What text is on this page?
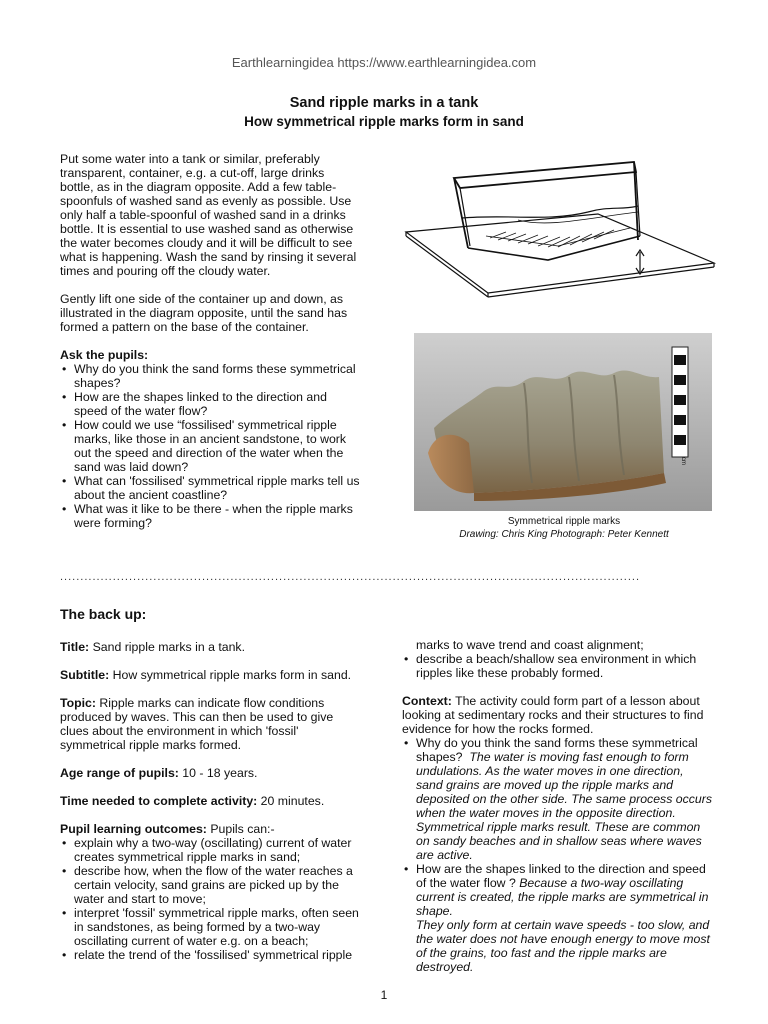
Earthlearningidea https://www.earthlearningidea.com
Sand ripple marks in a tank
How symmetrical ripple marks form in sand

Put some water into a tank or similar, preferably transparent, container, e.g. a cut-off, large drinks bottle, as in the diagram opposite. Add a few table-spoonfuls of washed sand as evenly as possible. Use only half a table-spoonful of washed sand in a drinks bottle. It is essential to use washed sand as otherwise the water becomes cloudy and it will be difficult to see what is happening. Wash the sand by rinsing it several times and pouring off the cloudy water.

Gently lift one side of the container up and down, as illustrated in the diagram opposite, until the sand has formed a pattern on the base of the container.

Ask the pupils:
• Why do you think the sand forms these symmetrical shapes?
• How are the shapes linked to the direction and speed of the water flow?
• How could we use “fossilised' symmetrical ripple marks, like those in an ancient sandstone, to work out the speed and direction of the water when the sand was laid down?
• What can 'fossilised' symmetrical ripple marks tell us about the ancient coastline?
• What was it like to be there - when the ripple marks were forming?
cm
Symmetrical ripple marks
Drawing: Chris King Photograph: Peter Kennett
...............................................................................................................................................
The back up:

Title: Sand ripple marks in a tank.

Subtitle: How symmetrical ripple marks form in sand.

Topic: Ripple marks can indicate flow conditions produced by waves. This can then be used to give clues about the environment in which 'fossil' symmetrical ripple marks formed.

Age range of pupils: 10 - 18 years.

Time needed to complete activity: 20 minutes.

Pupil learning outcomes: Pupils can:-
• explain why a two-way (oscillating) current of water creates symmetrical ripple marks in sand;
• describe how, when the flow of the water reaches a certain velocity, sand grains are picked up by the water and start to move;
• interpret 'fossil' symmetrical ripple marks, often seen in sandstones, as being formed by a two-way oscillating current of water e.g. on a beach;
• relate the trend of the 'fossilised' symmetrical ripple
marks to wave trend and coast alignment;
• describe a beach/shallow sea environment in which ripples like these probably formed.
Context: The activity could form part of a lesson about looking at sedimentary rocks and their structures to find evidence for how the rocks formed.
• Why do you think the sand forms these symmetrical shapes? The water is moving fast enough to form undulations. As the water moves in one direction, sand grains are moved up the ripple marks and deposited on the other side. The same process occurs when the water moves in the opposite direction. Symmetrical ripple marks result. These are common on sandy beaches and in shallow seas where waves are active.
• How are the shapes linked to the direction and speed of the water flow ? Because a two-way oscillating current is created, the ripple marks are symmetrical in shape.
They only form at certain wave speeds - too slow, and the water does not have enough energy to move most of the grains, too fast and the ripple marks are destroyed.
1
